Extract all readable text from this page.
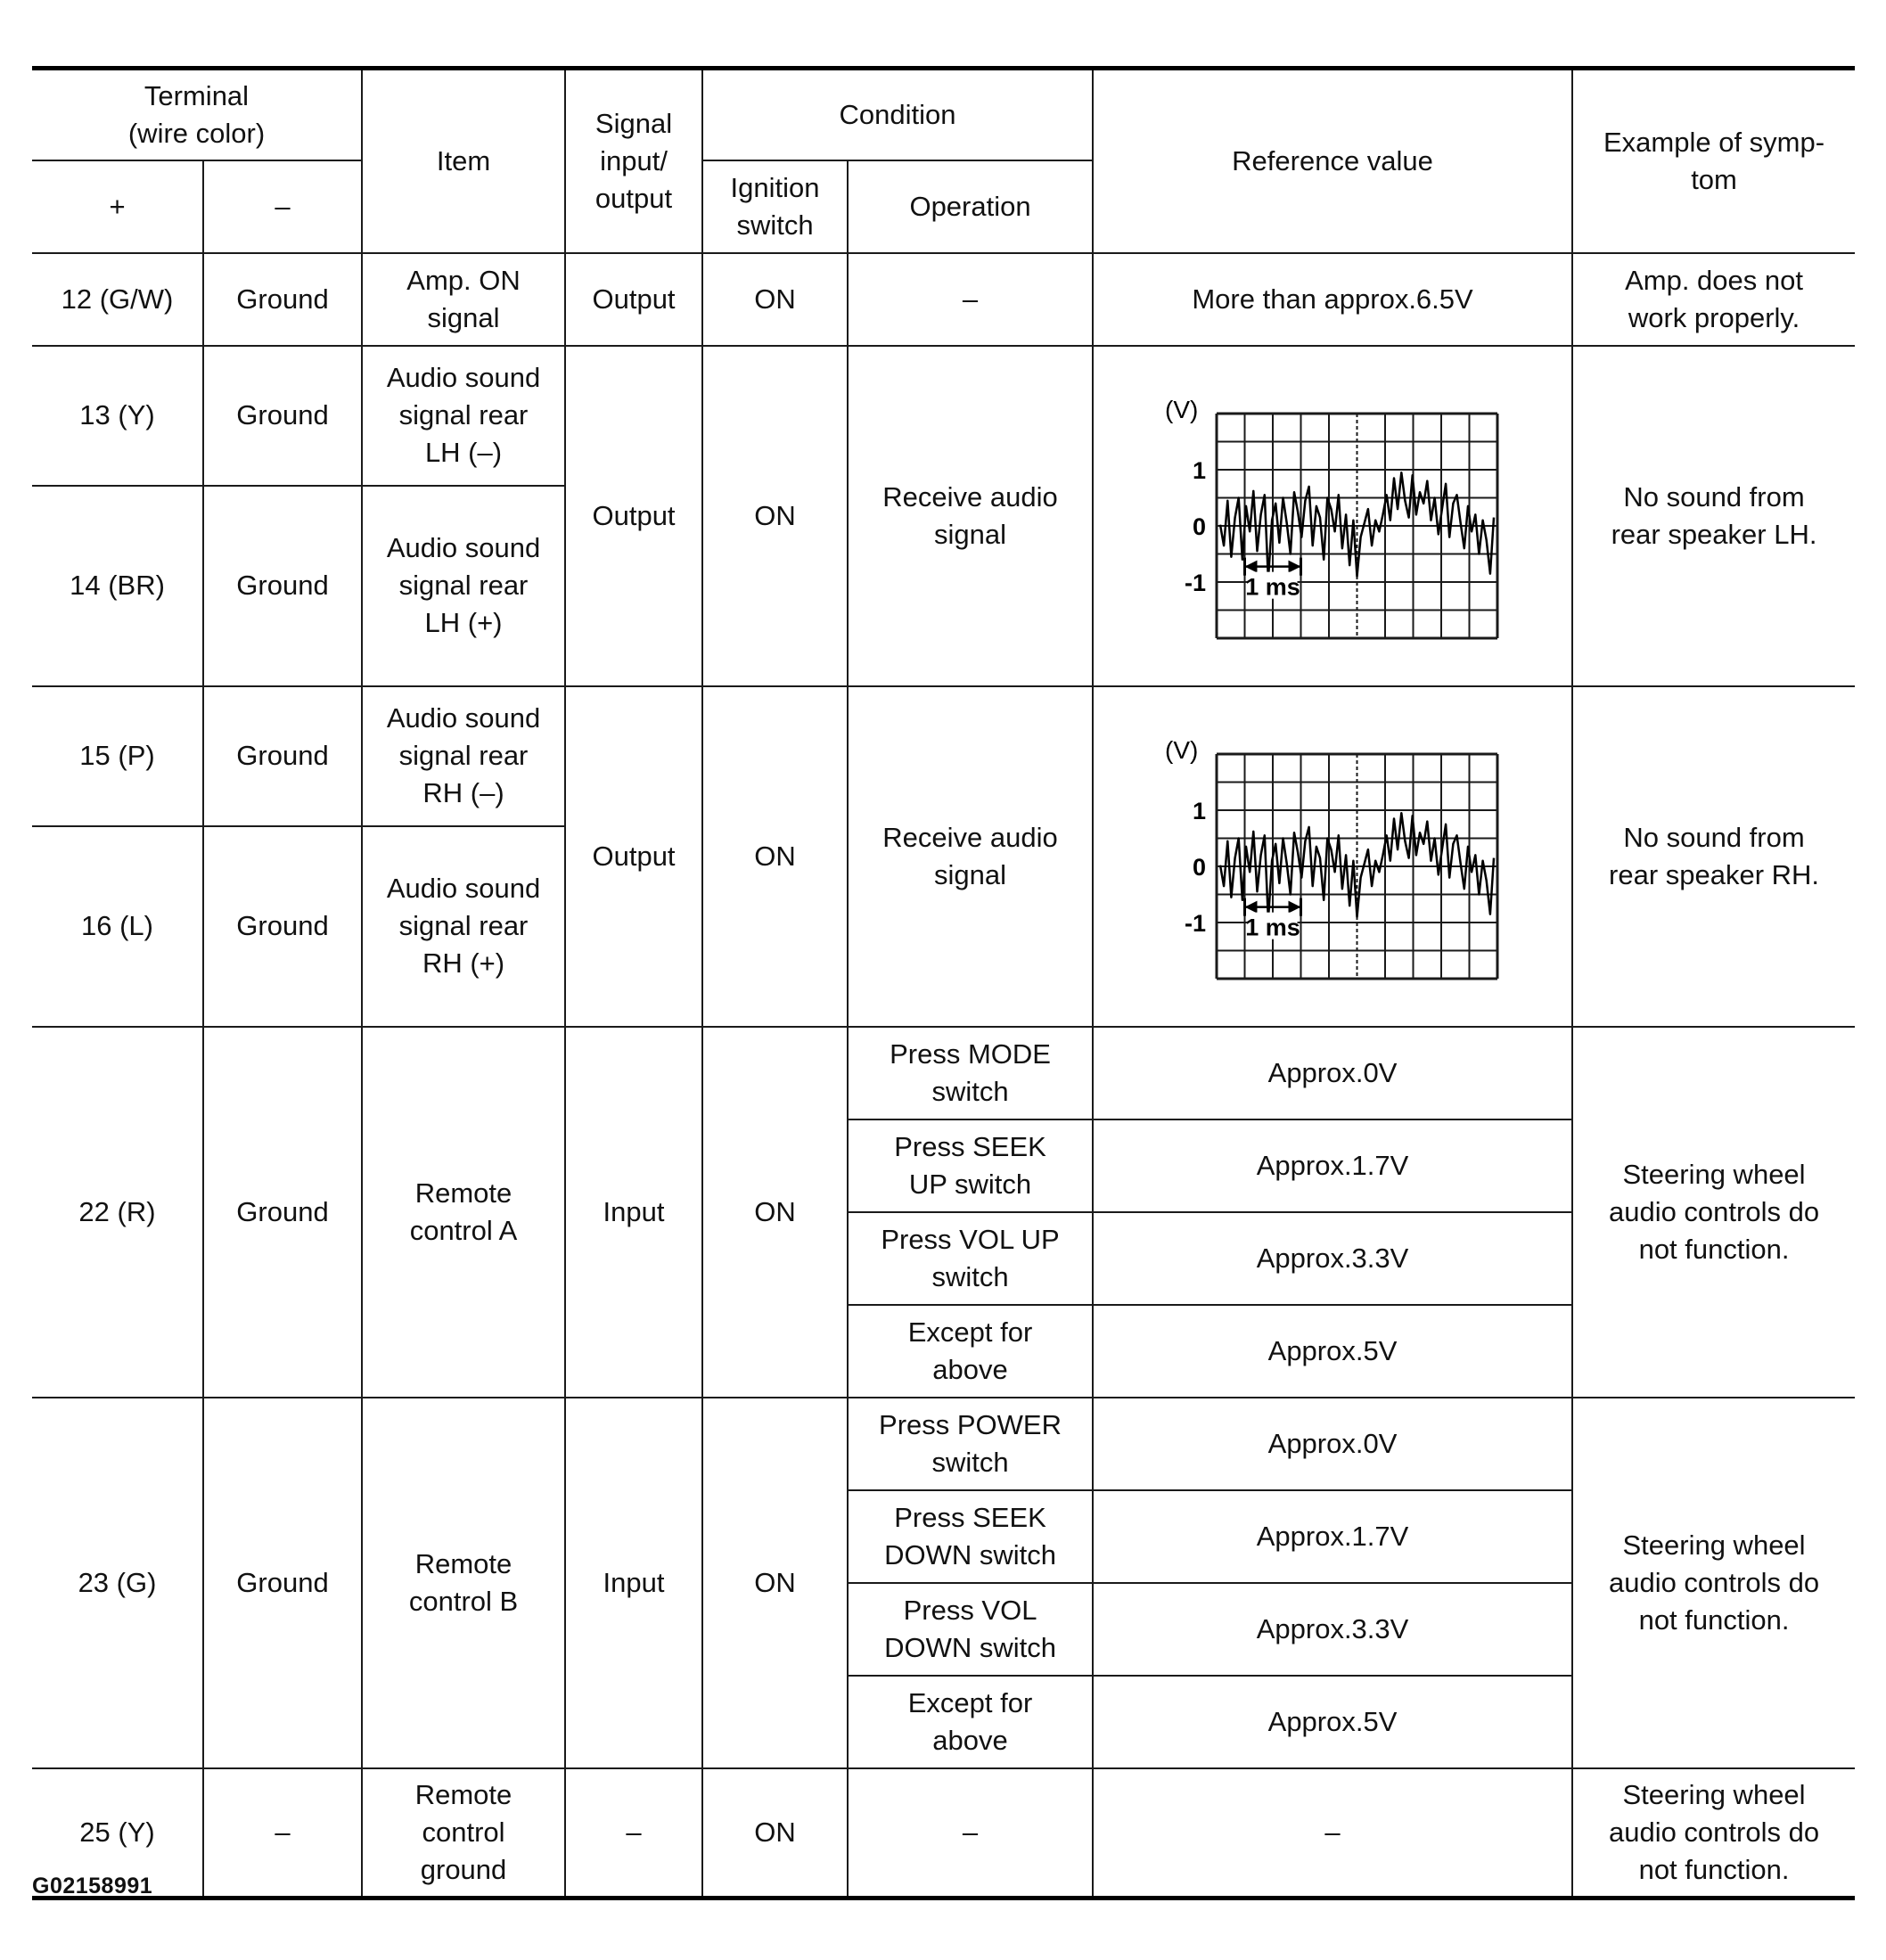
Terminal
(wire color)		Item	Signal
input/
output	Condition		Reference value	Example of symp-
tom
+	–			Ignition
switch	Operation		
12 (G/W)	Ground	Amp. ON
signal	Output	ON	–	More than approx.6.5V	Amp. does not
work properly.
13 (Y)	Ground	Audio sound
signal rear
LH (–)	Output	ON	Receive audio
signal	(V)
1
0
-1 1 ms	No sound from
rear speaker LH.
14 (BR)	Ground	Audio sound
signal rear
LH (+)					
15 (P)	Ground	Audio sound
signal rear
RH (–)	Output	ON	Receive audio
signal	(V)
1
0
-1 1 ms	No sound from
rear speaker RH.
16 (L)	Ground	Audio sound
signal rear
RH (+)					
22 (R)	Ground	Remote
control A	Input	ON	Press MODE
switch	Approx.0V	Steering wheel
audio controls do
not function.
					Press SEEK
UP switch	Approx.1.7V	
					Press VOL UP
switch	Approx.3.3V	
					Except for
above	Approx.5V	
23 (G)	Ground	Remote
control B	Input	ON	Press POWER
switch	Approx.0V	Steering wheel
audio controls do
not function.
					Press SEEK
DOWN switch	Approx.1.7V	
					Press VOL
DOWN switch	Approx.3.3V	
					Except for
above	Approx.5V	
25 (Y)	–	Remote
control
ground	–	ON	–	–	Steering wheel
audio controls do
not function.
G02158991
